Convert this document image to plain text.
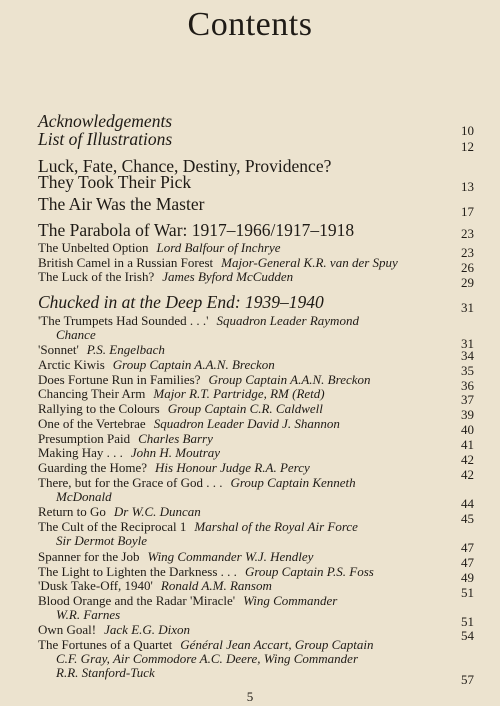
Contents
Acknowledgements
List of Illustrations
Luck, Fate, Chance, Destiny, Providence?
They Took Their Pick
The Air Was the Master
The Parabola of War: 1917–1966/1917–1918
The Unbelted Option Lord Balfour of Inchrye
British Camel in a Russian Forest Major-General K.R. van der Spuy
The Luck of the Irish? James Byford McCudden
Chucked in at the Deep End: 1939–1940
'The Trumpets Had Sounded . . .' Squadron Leader Raymond
Chance
'Sonnet' P.S. Engelbach
Arctic Kiwis Group Captain A.A.N. Breckon
Does Fortune Run in Families? Group Captain A.A.N. Breckon
Chancing Their Arm Major R.T. Partridge, RM (Retd)
Rallying to the Colours Group Captain C.R. Caldwell
One of the Vertebrae Squadron Leader David J. Shannon
Presumption Paid Charles Barry
Making Hay . . . John H. Moutray
Guarding the Home? His Honour Judge R.A. Percy
There, but for the Grace of God . . . Group Captain Kenneth
McDonald
Return to Go Dr W.C. Duncan
The Cult of the Reciprocal 1 Marshal of the Royal Air Force
Sir Dermot Boyle
Spanner for the Job Wing Commander W.J. Hendley
The Light to Lighten the Darkness . . . Group Captain P.S. Foss
'Dusk Take-Off, 1940' Ronald A.M. Ransom
Blood Orange and the Radar 'Miracle' Wing Commander
W.R. Farnes
Own Goal! Jack E.G. Dixon
The Fortunes of a Quartet Général Jean Accart, Group Captain
C.F. Gray, Air Commodore A.C. Deere, Wing Commander
R.R. Stanford-Tuck
10
12
13
17
23
23
26
29
31
31
34
35
36
37
39
40
41
42
42
44
45
47
47
49
51
51
54
57
5
